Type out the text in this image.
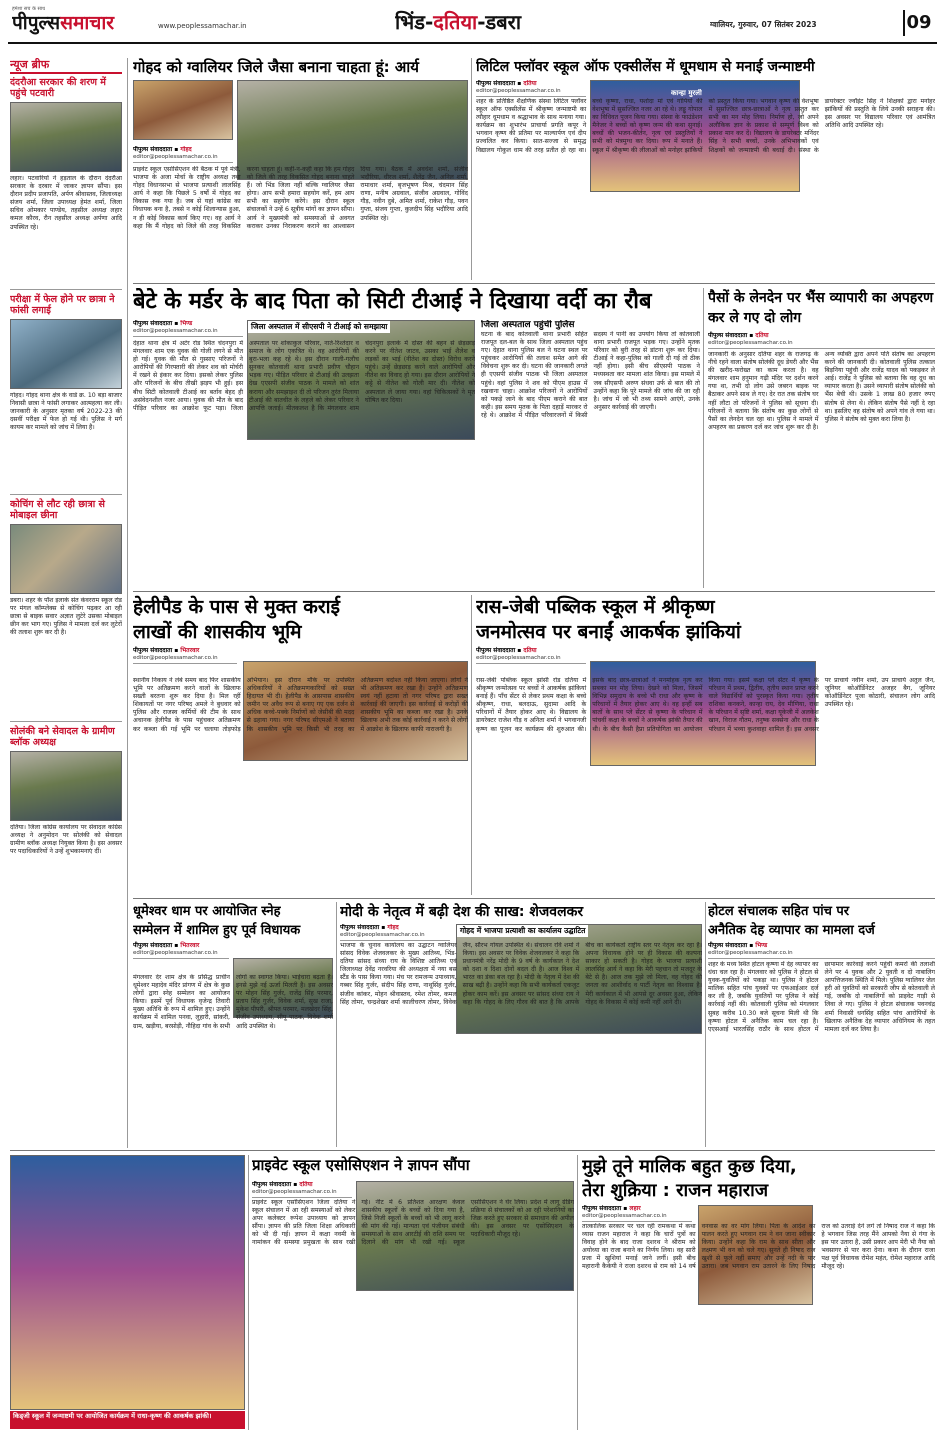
हमेशा सच के साथ
पीपुल्ससमाचार	www.peoplessamachar.in	भिंड-दतिया-डबरा	ग्वालियर, गुरुवार, 07 सितंबर 2023	09
न्यूज ब्रीफ
दंदरौआ सरकार की शरण में पहुंचे पटवारी
लहार। पटवारियों ने हड़ताल के दौरान दंदरौआ सरकार के दरबार में जाकर ज्ञापन सौंपा। इस दौरान प्रदीप प्रजापति, अर्पण श्रीवास्तव, जिलाध्यक्ष संजय शर्मा, जिला उपाध्यक्ष हेमंत शर्मा, जिला सचिव ओमकार पाण्डेय, तहसील अध्यक्ष लहार कमल कौरव, रौन तहसील अध्यक्ष अर्पणा आदि उपस्थित रहे।
परीक्षा में फेल होने पर छात्रा ने फांसी लगाई
गोहद। गोहद थाना क्षेत्र के वार्ड क्र. 10 बड़ा बाजार निवासी छात्रा ने फांसी लगाकर आत्महत्या कर ली। जानकारी के अनुसार मृतका वर्ष 2022-23 की दसवीं परीक्षा में फेल हो गई थी। पुलिस ने मर्ग कायम कर मामले को जांच में लिया है।
कोचिंग से लौट रही छात्रा से मोबाइल छीना
डबरा। शहर के पॉश इलाके संत कंवरराम स्कूल रोड पर मंगल कॉम्प्लेक्स से कोचिंग पढ़कर आ रही छात्रा से बाइक सवार अज्ञात लुटेरे उसका मोबाइल छीन कर भाग गए। पुलिस ने मामला दर्ज कर लुटेरों की तलाश शुरू कर दी है।
सोलंकी बने सेवादल के ग्रामीण ब्लॉक अध्यक्ष
दतिया। जिला कांग्रेस कार्यालय पर सेवादल कांग्रेस अध्यक्ष ने अनुमोदन पर सोलंकी को सेवादल ग्रामीण ब्लॉक अध्यक्ष नियुक्त किया है। इस अवसर पर पदाधिकारियों ने उन्हें शुभकामनाएं दीं।
गोहद को ग्वालियर जिले जैसा बनाना चाहता हूं: आर्य
पीपुल्स संवाददाता ▪ गोहद
editor@peoplessamachar.co.in
प्राइवेट स्कूल एसोसिएशन की बैठक में पूर्व मंत्री, भाजपा के अजा मोर्चा के राष्ट्रीय अध्यक्ष तथा गोहद विधानसभा से भाजपा प्रत्याशी लालसिंह आर्य ने कहा कि पिछले 5 वर्षों में गोहद का विकास रुक गया है। जब से यहां कांग्रेस का विधायक बना है, तबसे न कोई शिलान्यास हुआ, न ही कोई विकास कार्य किए गए। वह आर्य ने कहा कि मैं गोहद को जिले की तरह विकसित करना चाहता हूं। कहीं-न-कहीं कहा कि हम गोहद को जिले की तरह विकसित गोहद बनाना चाहते हैं। जो भिंड जिला नहीं बल्कि ग्वालियर जैसा होगा। आप सभी हमारा सहयोग करें, हम आप सभी का सहयोग करेंगे। इस दौरान स्कूल संचालकों ने उन्हें 6 सूत्रीय मांगों का ज्ञापन सौंपा। आर्य ने मुख्यमंत्री को समस्याओं से अवगत कराकर उनका निराकरण कराने का आश्वासन दिया गया। बैठक में अवधेश शर्मा, संजीव भदौरिया, धीरज शर्मा, शैलेंद्र जैन, अनिल शर्मा, रामाधार शर्मा, बृजभूषण मिश्र, चंदमान सिंह राणा, मनीष अग्रवाल, संजीव अग्रवाल, गोविंद गौड़, नवीन दुबे, अमित शर्मा, राकेश गौड़, पवन गुप्ता, संजय गुप्ता, कुलदीप सिंह भदौरिया आदि उपस्थित रहे।
लिटिल फ्लॉवर स्कूल ऑफ एक्सीलेंस में धूमधाम से मनाई जन्माष्टमी
पीपुल्स संवाददाता ▪ दतिया
editor@peoplessamachar.co.in	कान्हा मुरली
शहर के प्रतिष्ठित शैक्षणिक संस्था लिटिल फ्लॉवर स्कूल ऑफ एक्सीलेंस में श्रीकृष्ण जन्माष्टमी का त्यौहार धूमधाम व श्रद्धाभाव के साथ मनाया गया। कार्यक्रम का शुभारंभ प्राचार्या प्रगति कपूर ने भगवान कृष्ण की प्रतिमा पर माल्यार्पण एवं दीप प्रज्वलित कर किया। सात-सज्जा से समृद्ध विद्यालय गोकुल धाम की तरह प्रतीत हो रहा था। बच्चे कृष्णा, राधा, यशोदा मां एवं गोपियों की वेशभूषा में सुसज्जित नजर आ रहे थे। लड्डू गोपाल का विधिवत पूजन किया गया। संस्था के फाउंडेशन मैनेजर ने बच्चों को कृष्ण जन्म की कथा सुनाई। बच्चों की भजन-कीर्तन, नृत्य एवं प्रस्तुतियों ने सभी को मंत्रमुग्ध कर दिया। रूप में मनाते हैं। स्कूल में श्रीकृष्ण की लीलाओं को मनोहर झांकियों को प्रस्तुत किया गया। भगवान कृष्ण की वेशभूषा में सुसज्जित छात्र-छात्राओं ने नृत्य प्रस्तुत कर सभी का मन मोह लिया। निर्माण हो, जो अपने अलौकिक ज्ञान के प्रकाश से सम्पूर्ण विश्व को प्रकाश मान कर दें। विद्यालय के डायरेक्टर मनिंदर सिंह ने सभी बच्चों, उनके अभिभावकों एवं शिक्षकों को जन्माष्टमी की बधाई दी। संस्था के डायरेक्टर ज्वॉइंट सिंह ने शिक्षकों द्वारा मनोहर झांकियों की प्रस्तुति के लिये उनकी सराहना की। इस अवसर पर विद्यालय परिवार एवं आमंत्रित अतिथि आदि उपस्थित रहे।
बेटे के मर्डर के बाद पिता को सिटी टीआई ने दिखाया वर्दी का रौब
पीपुल्स संवाददाता ▪ भिण्ड
editor@peoplessamachar.co.in	जिला अस्पताल में सीएसपी ने टीआई को समझाया
देहात थाना क्षेत्र में अटेर रोड स्थित चंदनपुरा में मंगलवार शाम एक युवक की गोली लगने से मौत हो गई। युवक की मौत से गुस्साए परिजनों ने आरोपियों की गिरफ्तारी की लेकर शव को मोर्चरी में रखने से इंकार कर दिया। इसको लेकर पुलिस और परिजनों के बीच तीखी झड़प भी हुई। इस बीच सिटी कोतवाली टीआई का बर्ताव बेहद ही असंवेदनशील नजर आया। युवक की मौत के बाद पीड़ित परिवार का आक्रोश फूट पड़ा। जिला अस्पताल पर शोकाकुल परिवार, नाते-रिश्तेदार व समाज के लोग एकत्रित थे। वह आरोपियों की बुरा-भला कह रहे थे। इस दौरान गाली-गलौच सुनकर कोतवाली थाना प्रभारी प्रवीण चौहान भड़क गए। पीड़ित परिवार से टीआई की उलझता देख एएसपी संजीव पाठक ने मामले को शांत कराया और समझाइश दी तो परिजन तुरंत मिलाया टीआई की बातचीत के लहजे को लेकर परिवार ने आपत्ति जताई। मीतकलश है कि मंगलवार शाम चंदनपुरा इलाके में दोस्त की बहन से छेड़छाड़ करने पर नीतेश जाटव, उसका भाई शैलेश व लड़कों का भाई (नीतेश का दोस्त) विरोध करने पहुंचे। उन्हें छेड़छाड़ करने वाले आरोपियों और नीतेश का विवाद हो गया। इस दौरान आरोपियों ने कट्टे से नीतेश को गोली मार दी। नीतेश को अस्पताल ले जाया गया। वहां चिकित्सकों ने मृत घोषित कर दिया।
जिला अस्पताल पहुंची पुलिस
घटना के बाद कोतवाली थाना प्रभारी सहित राजपूत दल-बल के साथ जिला अस्पताल पहुंच गए। देहात थाना पुलिस बल ने घटना स्थल पर पहुंचकर आरोपियों की तलाश समेत आगे की विवेचना शुरू कर दी। घटना की जानकारी लगते ही एएसपी संजीव पाठक भी जिला अस्पताल पहुंचे। वहां पुलिस ने शव को पीएम हाउस में रखवाना चाहा। आक्रोश परिजनों ने आरोपियों को पकड़े जाने के बाद पीएम कराने की बात कही। इस समय मृतक के पिता दहाड़ें मारकर रो रहे थे। आक्रोश में पीड़ित परिवारजनों में किसी सदस्य ने पानी का उपयोग किया तो कोतवाली थाना प्रभारी राजपूत भड़क गए। उन्होंने मृतक परिवार को बुरी तरह से डांटना शुरू कर दिया। टीआई ने कहा-पुलिस को गाली दी गई तो ठीक नहीं होगा। इसी बीच सीएसपी पाठक ने मध्यस्थता कर मामला शांत किया। इस मामले में जब सीएसपी अरुण संधवा उर्फ से बात की तो उन्होंने कहा कि पूरे मामले की जांच की जा रही है। जांच में जो भी तथ्य सामने आएंगे, उनके अनुसार कार्रवाई की जाएगी।
पैसों के लेनदेन पर भैंस व्यापारी का अपहरण कर ले गए दो लोग
पीपुल्स संवाददाता ▪ दतिया
editor@peoplessamachar.co.in
जानकारी के अनुसार दतिया शहर के राजगढ़ के नीचे रहने वाला संतोष सोलंकी दूध डेयरी और भैंस की खरीद-फरोख्त का काम करता है। वह मंगलवार शाम हनुमान गढ़ी मंदिर पर दर्शन करने गया था, तभी दो लोग उसे जबरन बाइक पर बैठाकर अपने साथ ले गए। देर रात तक संतोष घर नहीं लौटा तो परिजनों ने पुलिस को सूचना दी। परिजनों ने बताया कि संतोष का कुछ लोगों से पैसों का लेनदेन चल रहा था। पुलिस ने मामले में अपहरण का प्रकरण दर्ज कर जांच शुरू कर दी है। अन्य व्यक्ति द्वारा अपने पति संतोष का अपहरण करने की जानकारी दी। कोतवाली पुलिस तत्काल बिड़निया पहुंची और राजेंद्र यादव को पकड़कर ले आई। राजेंद्र ने पुलिस को बताया कि वह दूध का व्यापार करता है। उसने व्यापारी संतोष सोलंकी को भैंस बेची थी। उसके 1 लाख 80 हजार रुपए संतोष से लेना थे। लेकिन संतोष पैसे नहीं दे रहा था। इसलिए वह संतोष को अपने गांव ले गया था। पुलिस ने संतोष को मुक्त करा लिया है।
हेलीपैड के पास से मुक्त कराई
लाखों की शासकीय भूमि
पीपुल्स संवाददाता ▪ भितरवार
editor@peoplessamachar.co.in
स्थानीय निकाय ने लंबे समय बाद फिर शासकीय भूमि पर अतिक्रमण करने वालों के खिलाफ सख्ती बरतना शुरू कर दिया है। मिल रहीं शिकायतों पर नगर परिषद अमले ने बुधवार को पुलिस और राजस्व कर्मियों की टीम के साथ अचानक हेलीपैड के पास पहुंचकर अतिक्रमण कर कब्जा की गई भूमि पर चलाया तोड़फोड़ अभियान। इस दौरान मौके पर उपस्थित अधिकारियों ने अतिक्रमणकारियों को सख्त हिदायत भी दी। हेलीपैड के आसपास शासकीय जमीन पर अवैध रूप से बनाए गए एक दर्जन से अधिक कच्चे-पक्के निर्माणों को जेसीबी की मदद से ढहाया गया। नगर परिषद सीएमओ ने बताया कि शासकीय भूमि पर किसी भी तरह का अतिक्रमण बर्दाश्त नहीं किया जाएगा। लोगों ने भी अतिक्रमण कर रखा है। उन्होंने अतिक्रमण स्वयं नहीं हटाया तो नगर परिषद द्वारा सख्त कार्रवाई की जाएगी। इस कार्रवाई से करोड़ों की शासकीय भूमि का कब्जा कर रखा है। उनके खिलाफ अभी तक कोई कार्रवाई न करने से लोगों में आक्रोश के खिलाफ काफी नाराजगी है।
रास-जेबी पब्लिक स्कूल में श्रीकृष्ण
जनमोत्सव पर बनाईं आकर्षक झांकियां
पीपुल्स संवाददाता ▪ दतिया
editor@peoplessamachar.co.in
रास-जेबी पब्लिक स्कूल झांसी रोड दतिया में श्रीकृष्ण जन्मोत्सव पर बच्चों ने आकर्षक झांकियां बनाई हैं। पाँच सेंटर से लेकर प्रथम कक्षा के बच्चे श्रीकृष्ण, राधा, बलदाऊ, सुदामा आदि के परिधानों में तैयार होकर आए थे। विद्यालय के डायरेक्टर राजेश गौड़ व अनिता शर्मा ने भगवानजी कृष्ण का पूजन कर कार्यक्रम की शुरुआत की। इसके बाद छात्र-छात्राओं ने मनमोहक नृत्य कर सबका मन मोह लिया। देखने को मिला, जिसमें विभिन्न समुदाय के बच्चे भी राधा और कृष्ण के परिधानों में तैयार होकर आए थे। वह इन्हीं सब बातों के साथ प्ले सेंटर से कृष्णा के परिधान में पांचवीं कक्षा के बच्चों ने आकर्षक झांकी तैयार की थी। के बीच कैसी हैप्रा प्रतियोगिता का आयोजन किया गया। इसमें कक्षा प्ले सेंटर में कृष्ण के परिधान में प्रथम, द्वितीय, तृतीय स्थान प्राप्त करने वाले विद्यार्थियों को पुरस्कृत किया गया। तृतीय राशिका कनकने, कान्हा राय, देव मीणिया, राधा के परिधान में सृष्टि शर्मा, कक्षा यूकेजी में अलकेश खान, विराज गौतम, तनुष्क सक्सेना और राधा के परिधान में भव्या कुशवाहा शामिल हैं। इस अवसर पर प्राचार्य नवीन शर्मा, उप प्राचार्य अतुल जैन, जूनियर कोऑर्डिनेटर अजहर बैग, जूनियर कोऑर्डिनेटर पूजा कोठारी, संचालन लोग आदि उपस्थित रहे।
धूमेश्वर धाम पर आयोजित स्नेह
सम्मेलन में शामिल हुए पूर्व विधायक
पीपुल्स संवाददाता ▪ भितरवार
editor@peoplessamachar.co.in
मंगलवार देर शाम क्षेत्र के प्रसिद्ध प्राचीन धूमेश्वर महादेव मंदिर प्रांगण में क्षेत्र के कुछ लोगों द्वारा स्नेह सम्मेलन का आयोजन किया। इसमें पूर्व विधायक वृजेन्द्र तिवारी मुख्य अतिथि के रूप में शामिल हुए। उन्होंने कार्यक्रम में शामिल पनवा, लुहारी, सांकरी, ग्राम, खड़ीया, बरसोड़ी, नौहिदा गांव के सभी लोगों का स्वागत किया। भाईचारा बढ़ता है। इनसे मुझे नई ऊर्जा मिलती है। इस अवसर पर मोहन सिंह गुर्जर, राजेंद्र सिंह परमार, प्रताप सिंह गुर्जर, विवेक शर्मा, सुख राजा, मुकेश पीपरी, श्रीपत परमार, मलखेदर सिंह, संजीव उपाध्याय, सीपू पाठक, विवेक शर्मा आदि उपस्थित थे।
मोदी के नेतृत्व में बढ़ी देश की साख: शेजवलकर
पीपुल्स संवाददाता ▪ गोहद
editor@peoplessamachar.co.in	गोहद में भाजपा प्रत्याशी का कार्यालय उद्घाटित
भाजपा के चुनाव कार्यालय का उद्घाटन ग्वालियर सांसद विवेक शेजवलकर के मुख्य आतिथ्य, भिंड-दतिया सांसद संध्या राय के विशिष्ट आतिथ्य एवं जिलाध्यक्ष देवेंद्र नरवरिया की अध्यक्षता में नया बस स्टैंड के पास किया गया। मंच पर रामजन्म उपाध्याय, गब्बर सिंह गुर्जर, संदीप सिंह राणा, नाथूसिंह गुर्जर, संजीव कांकर, मोहन श्रीवास्तव, रमेश तोमर, कमल सिंह तोमर, चन्द्रशेखर शर्मा कालीचरण तोमर, विवेक जैन, सौरभ गोयल उपस्थित थे। संचालन रवि शर्मा ने किया। इस अवसर पर विवेक शेजवलकर ने कहा कि प्रधानमंत्री नरेंद्र मोदी के 9 वर्ष के कार्यकाल ने देश को दशा व दिशा दोनों बदल दी है। आज विश्व में भारत का डंका बज रहा है। मोदी के नेतृत्व में देश की साख बढ़ी है। उन्होंने कहा कि सभी कार्यकर्ता एकजुट होकर काम करें। इस अवसर पर सांसद संध्या राय ने कहा कि गोहद के लिए गौरव की बात है कि आपके बीच का कार्यकर्ता राष्ट्रीय स्तर पर नेतृत्व कर रहा है। अपना विधायक होने पर ही विकास की कल्पना साकार हो सकती है। गोहद के भाजपा प्रत्याशी लालसिंह आर्य ने कहा कि मेरी पहचान तो मजदूर के बेटे से है। आज तक मुझे जो मिला, वह गोहद की जनता का आशीर्वाद व पार्टी नेतृत्व का विश्वास है। मेरी कार्यकाल में भी आपसे दूर अवसर हुआ, लेकिन गोहद के विकास में कोई कमी नहीं आने दी।
होटल संचालक सहित पांच पर
अनैतिक देह व्यापार का मामला दर्ज
पीपुल्स संवाददाता ▪ भिण्ड
editor@peoplessamachar.co.in
शहर के मध्य स्थित होटल कृष्णा में देह व्यापार का धंधा चल रहा है। मंगलवार को पुलिस ने होटल से युवक-युवतियों को पकड़ा था। पुलिस ने होटल मालिक सहित पांच युवकों पर एफआईआर दर्ज कर ली है, जबकि युवतियों पर पुलिस ने कोई कार्रवाई नहीं की। कोतवाली पुलिस को मंगलवार सुबह करीब 10.30 बजे सूचना मिली थी कि कृष्णा होटल में अनैतिक काम चल रहा है। एएसआई भारतसिंह राठौर के साथ होटल में छापामार कार्रवाई करने पहुंची कमरों की तलाशी लेने पर 4 युवक और 2 युवती व दो नाबालिग आपत्तिजनक स्थिति में मिले। पुलिस ग्वालियर जेल हरी ओ युवतियों को सरकारी जीप से कोतवाली ले गई, जबकि दो नाबालिगों को प्राइवेट गाड़ी से लिवा ले गए। पुलिस ने होटल संचालक पवनचंद्र शर्मा निवासी धनसिंह सहित पांच आरोपियों के खिलाफ अनैतिक देह व्यापार अधिनियम के तहत मामला दर्ज कर लिया है।
किड्जी स्कूल में जन्माष्टमी पर आयोजित कार्यक्रम में राधा-कृष्ण की आकर्षक झांकी।
प्राइवेट स्कूल एसोसिएशन ने ज्ञापन सौंपा
पीपुल्स संवाददाता ▪ दतिया
editor@peoplessamachar.co.in
प्राइवेट स्कूल एसोसिएशन जिला दतिया ने स्कूल संचालन में आ रही समस्याओं को लेकर अपर कलेक्टर रूपेश उपाध्याय को ज्ञापन सौंपा। ज्ञापन की प्रति जिला शिक्षा अधिकारी को भी दी गई। ज्ञापन में कक्षा नवमी के नामांकन की समस्या प्रमुखता के साथ रखी गई। नीट में 6 प्रतिशत आरक्षण केवल शासकीय स्कूलों के बच्चों को दिया गया है, जिसे निजी स्कूलों के बच्चों को भी लागू करने की मांग की गई। मान्यता एवं पंजीयन संबंधी समस्याओं के साथ आरटीई की राशि समय पर दिलाने की मांग भी रखी गई। स्कूल एसोसिएशन ने घेर लिया। प्रदेश में लागू ग्रेडिंग प्रक्रिया से संचालकों को आ रही परेशानियों का जिक्र करते हुए सरकार से समाधान की अपील की। इस अवसर पर एसोसिएशन के पदाधिकारी मौजूद रहे।
मुझे तूने मालिक बहुत कुछ दिया,
तेरा शुक्रिया : राजन महाराज
पीपुल्स संवाददाता ▪ लहार
editor@peoplessamachar.co.in
तात्कालिक सरकार पर चल रही रामकथा में कथा व्यास राजन महाराज ने कहा कि चारों पुत्रों का विवाह होने के बाद राजा दशरथ ने श्रीराम को अयोध्या का राजा बनाने का निर्णय लिया। वह सारी प्रजा में खुशियां मनाई जाने लगीं। इसी बीच महारानी कैकेयी ने राजा दशरथ से राम को 14 वर्ष वनवास का वर मांग लिया। पिता के आदेश का पालन करते हुए भगवान राम ने वन जाना स्वीकार किया। उन्होंने कहा कि राम के साथ सीता और लक्ष्मण भी वन को चले गए। सुनते ही निषाद राज खुशी से फूले नहीं समाए और उन्हें नदी के पार उतारा। जब भगवान राम उतारने के लिए निषाद राज को उतराई देने लगे तो निषाद राज ने कहा कि हे भगवान जिस तरह मैंने आपको नैया से गंगा के इस पार उतारा है, उसी प्रकार आप मेरी भी नैया को भवसागर से पार करा देना। कथा के दौरान राजा पक्ष पूर्व विधायक रोमेश महंत, रोमेश महाराज आदि मौजूद रहे।
